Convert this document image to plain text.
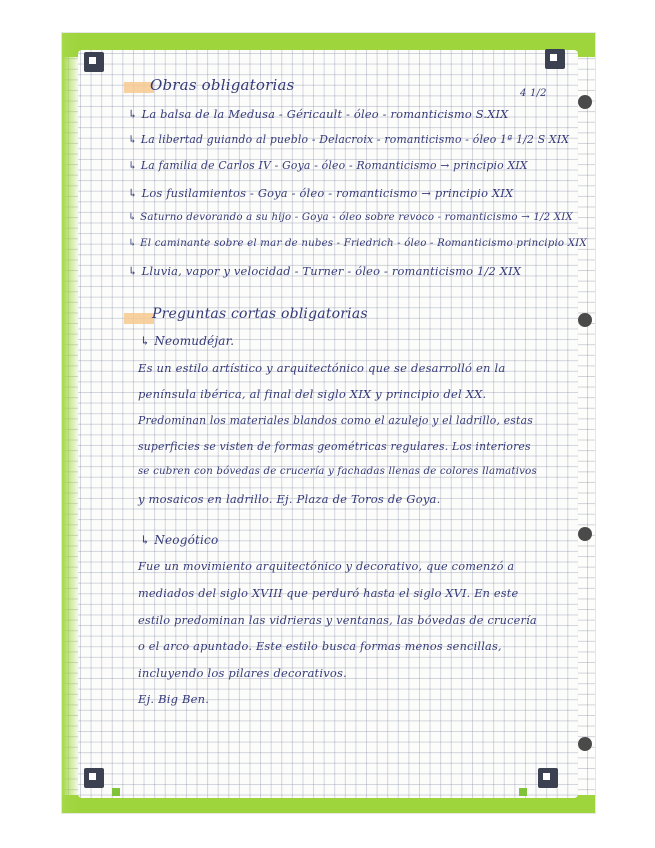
Obras obligatorias	4 1/2
↳ La balsa de la Medusa - Géricault - óleo - romanticismo S.XIX
↳ La libertad guiando al pueblo - Delacroix - romanticismo - óleo 1ª 1/2 S XIX
↳ La familia de Carlos IV - Goya - óleo - Romanticismo → principio XIX
↳ Los fusilamientos - Goya - óleo - romanticismo → principio XIX
↳ Saturno devorando a su hijo - Goya - óleo sobre revoco - romanticismo → 1/2 XIX
↳ El caminante sobre el mar de nubes - Friedrich - óleo - Romanticismo principio XIX
↳ Lluvia, vapor y velocidad - Turner - óleo - romanticismo 1/2 XIX
Preguntas cortas obligatorias
↳ Neomudéjar.
Es un estilo artístico y arquitectónico que se desarrolló en la
península ibérica, al final del siglo XIX y principio del XX.
Predominan los materiales blandos como el azulejo y el ladrillo, estas
superficies se visten de formas geométricas regulares. Los interiores
se cubren con bóvedas de crucería y fachadas llenas de colores llamativos
y mosaicos en ladrillo. Ej. Plaza de Toros de Goya.
↳ Neogótico
Fue un movimiento arquitectónico y decorativo, que comenzó a
mediados del siglo XVIII que perduró hasta el siglo XVI. En este
estilo predominan las vidrieras y ventanas, las bóvedas de crucería
o el arco apuntado. Este estilo busca formas menos sencillas,
incluyendo los pilares decorativos.
Ej. Big Ben.
